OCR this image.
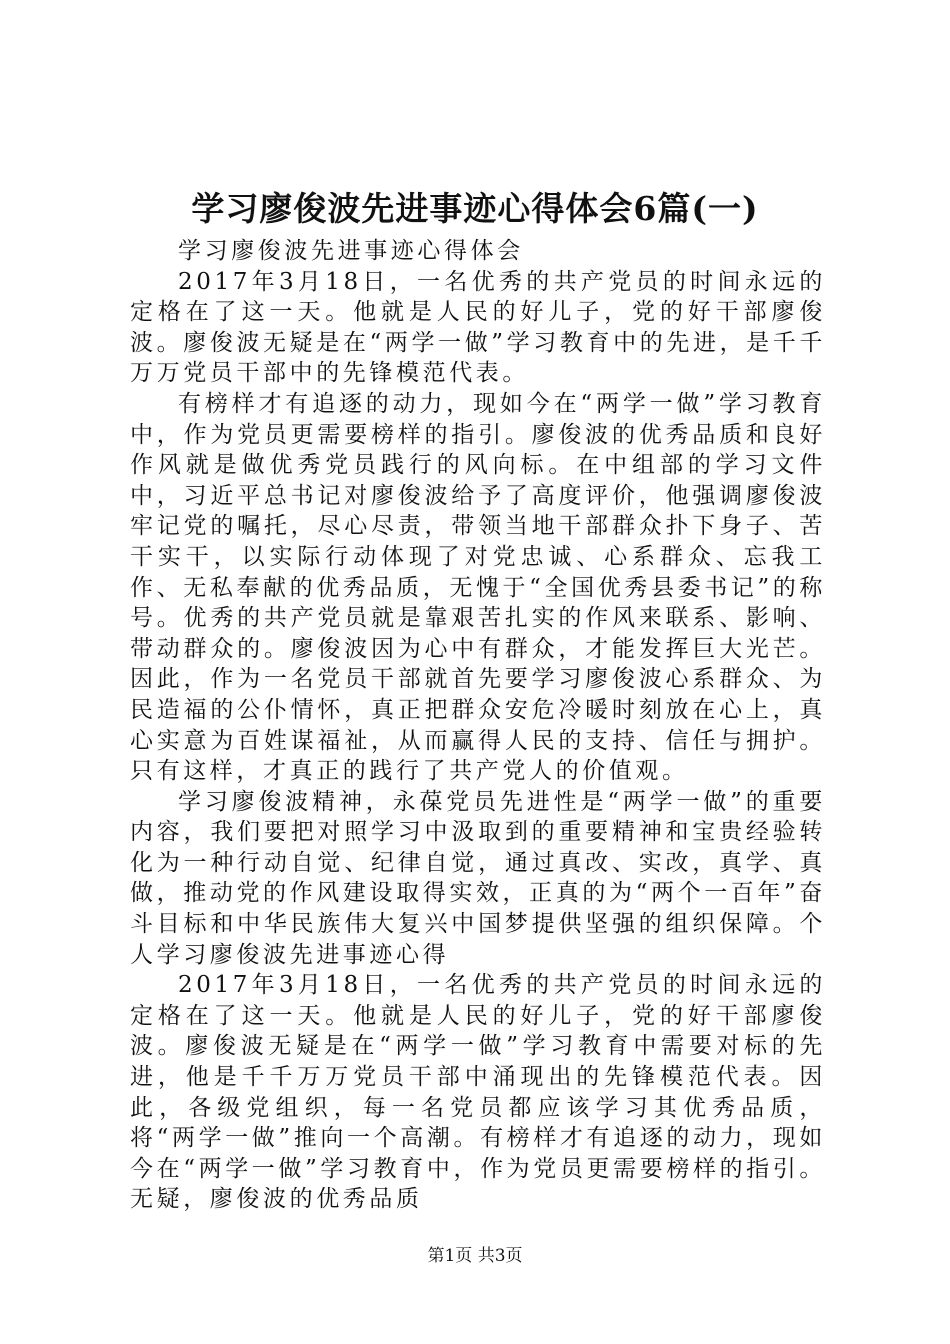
学习廖俊波先进事迹心得体会6篇(一)

学习廖俊波先进事迹心得体会

2017年3月18日，一名优秀的共产党员的时间永远的定格在了这一天。他就是人民的好儿子，党的好干部廖俊波。廖俊波无疑是在“两学一做”学习教育中的先进，是千千万万党员干部中的先锋模范代表。

有榜样才有追逐的动力，现如今在“两学一做”学习教育中，作为党员更需要榜样的指引。廖俊波的优秀品质和良好作风就是做优秀党员践行的风向标。在中组部的学习文件中，习近平总书记对廖俊波给予了高度评价，他强调廖俊波牢记党的嘱托，尽心尽责，带领当地干部群众扑下身子、苦干实干，以实际行动体现了对党忠诚、心系群众、忘我工作、无私奉献的优秀品质，无愧于“全国优秀县委书记”的称号。优秀的共产党员就是靠艰苦扎实的作风来联系、影响、带动群众的。廖俊波因为心中有群众，才能发挥巨大光芒。因此，作为一名党员干部就首先要学习廖俊波心系群众、为民造福的公仆情怀，真正把群众安危冷暖时刻放在心上，真心实意为百姓谋福祉，从而赢得人民的支持、信任与拥护。只有这样，才真正的践行了共产党人的价值观。

学习廖俊波精神，永葆党员先进性是“两学一做”的重要内容，我们要把对照学习中汲取到的重要精神和宝贵经验转化为一种行动自觉、纪律自觉，通过真改、实改，真学、真做，推动党的作风建设取得实效，正真的为“两个一百年”奋斗目标和中华民族伟大复兴中国梦提供坚强的组织保障。个人学习廖俊波先进事迹心得

2017年3月18日，一名优秀的共产党员的时间永远的定格在了这一天。他就是人民的好儿子，党的好干部廖俊波。廖俊波无疑是在“两学一做”学习教育中需要对标的先进，他是千千万万党员干部中涌现出的先锋模范代表。因此，各级党组织，每一名党员都应该学习其优秀品质，将“两学一做”推向一个高潮。有榜样才有追逐的动力，现如今在“两学一做”学习教育中，作为党员更需要榜样的指引。无疑，廖俊波的优秀品质

第1页 共3页
